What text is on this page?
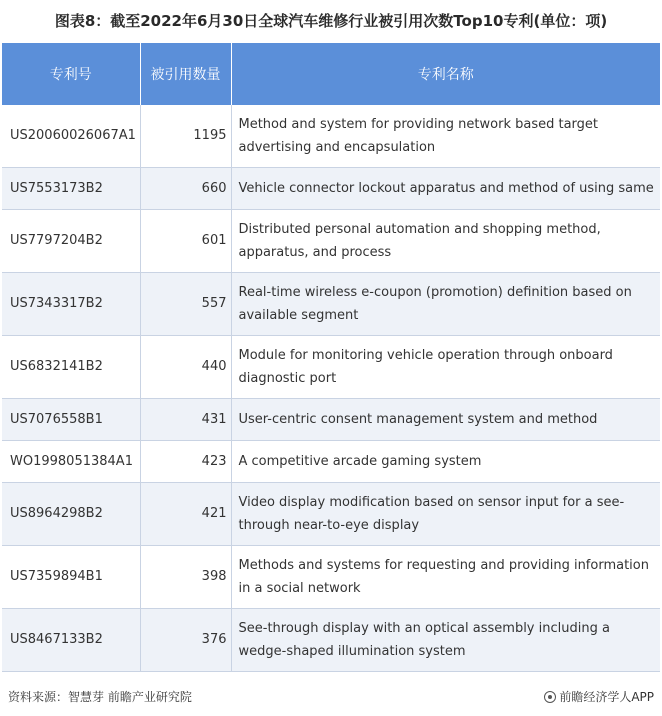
图表8：截至2022年6月30日全球汽车维修行业被引用次数Top10专利(单位：项)
专利号	被引用数量	专利名称
US20060026067A1	1195	Method and system for providing network based target advertising and encapsulation
US7553173B2	660	Vehicle connector lockout apparatus and method of using same
US7797204B2	601	Distributed personal automation and shopping method, apparatus, and process
US7343317B2	557	Real-time wireless e-coupon (promotion) definition based on available segment
US6832141B2	440	Module for monitoring vehicle operation through onboard diagnostic port
US7076558B1	431	User-centric consent management system and method
WO1998051384A1	423	A competitive arcade gaming system
US8964298B2	421	Video display modification based on sensor input for a see-through near-to-eye display
US7359894B1	398	Methods and systems for requesting and providing information in a social network
US8467133B2	376	See-through display with an optical assembly including a wedge-shaped illumination system
资料来源：智慧芽 前瞻产业研究院	前瞻经济学人APP
